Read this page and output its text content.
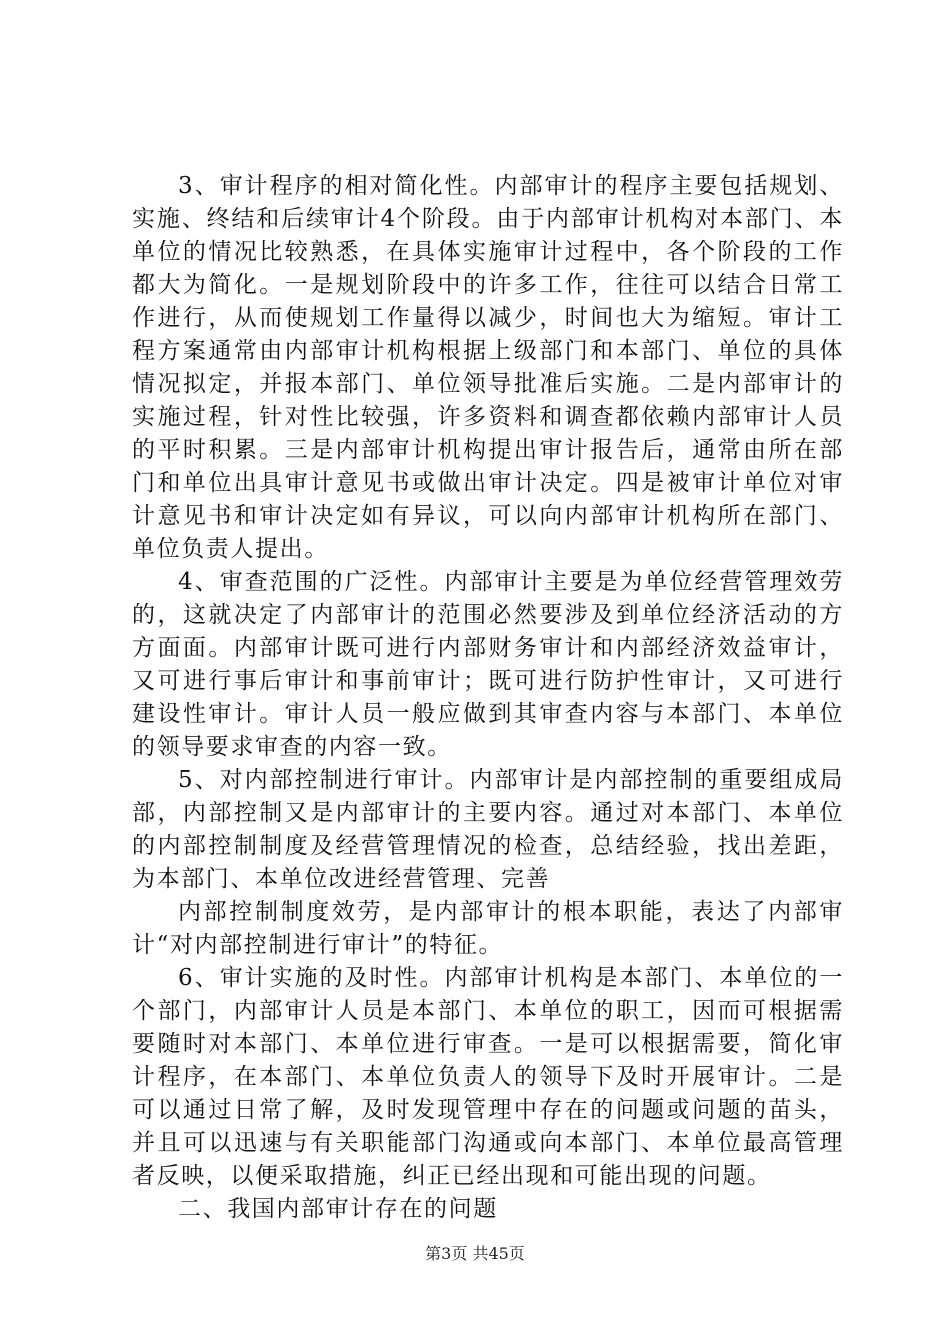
3、审计程序的相对简化性。内部审计的程序主要包括规划、实施、终结和后续审计4个阶段。由于内部审计机构对本部门、本单位的情况比较熟悉，在具体实施审计过程中，各个阶段的工作都大为简化。一是规划阶段中的许多工作，往往可以结合日常工作进行，从而使规划工作量得以减少，时间也大为缩短。审计工程方案通常由内部审计机构根据上级部门和本部门、单位的具体情况拟定，并报本部门、单位领导批准后实施。二是内部审计的实施过程，针对性比较强，许多资料和调查都依赖内部审计人员的平时积累。三是内部审计机构提出审计报告后，通常由所在部门和单位出具审计意见书或做出审计决定。四是被审计单位对审计意见书和审计决定如有异议，可以向内部审计机构所在部门、单位负责人提出。

4、审查范围的广泛性。内部审计主要是为单位经营管理效劳的，这就决定了内部审计的范围必然要涉及到单位经济活动的方方面面。内部审计既可进行内部财务审计和内部经济效益审计，又可进行事后审计和事前审计；既可进行防护性审计，又可进行建设性审计。审计人员一般应做到其审查内容与本部门、本单位的领导要求审查的内容一致。

5、对内部控制进行审计。内部审计是内部控制的重要组成局部，内部控制又是内部审计的主要内容。通过对本部门、本单位的内部控制制度及经营管理情况的检查，总结经验，找出差距，为本部门、本单位改进经营管理、完善

内部控制制度效劳，是内部审计的根本职能，表达了内部审计“对内部控制进行审计”的特征。

6、审计实施的及时性。内部审计机构是本部门、本单位的一个部门，内部审计人员是本部门、本单位的职工，因而可根据需要随时对本部门、本单位进行审查。一是可以根据需要，简化审计程序，在本部门、本单位负责人的领导下及时开展审计。二是可以通过日常了解，及时发现管理中存在的问题或问题的苗头，并且可以迅速与有关职能部门沟通或向本部门、本单位最高管理者反映，以便采取措施，纠正已经出现和可能出现的问题。

二、我国内部审计存在的问题

第3页 共45页
